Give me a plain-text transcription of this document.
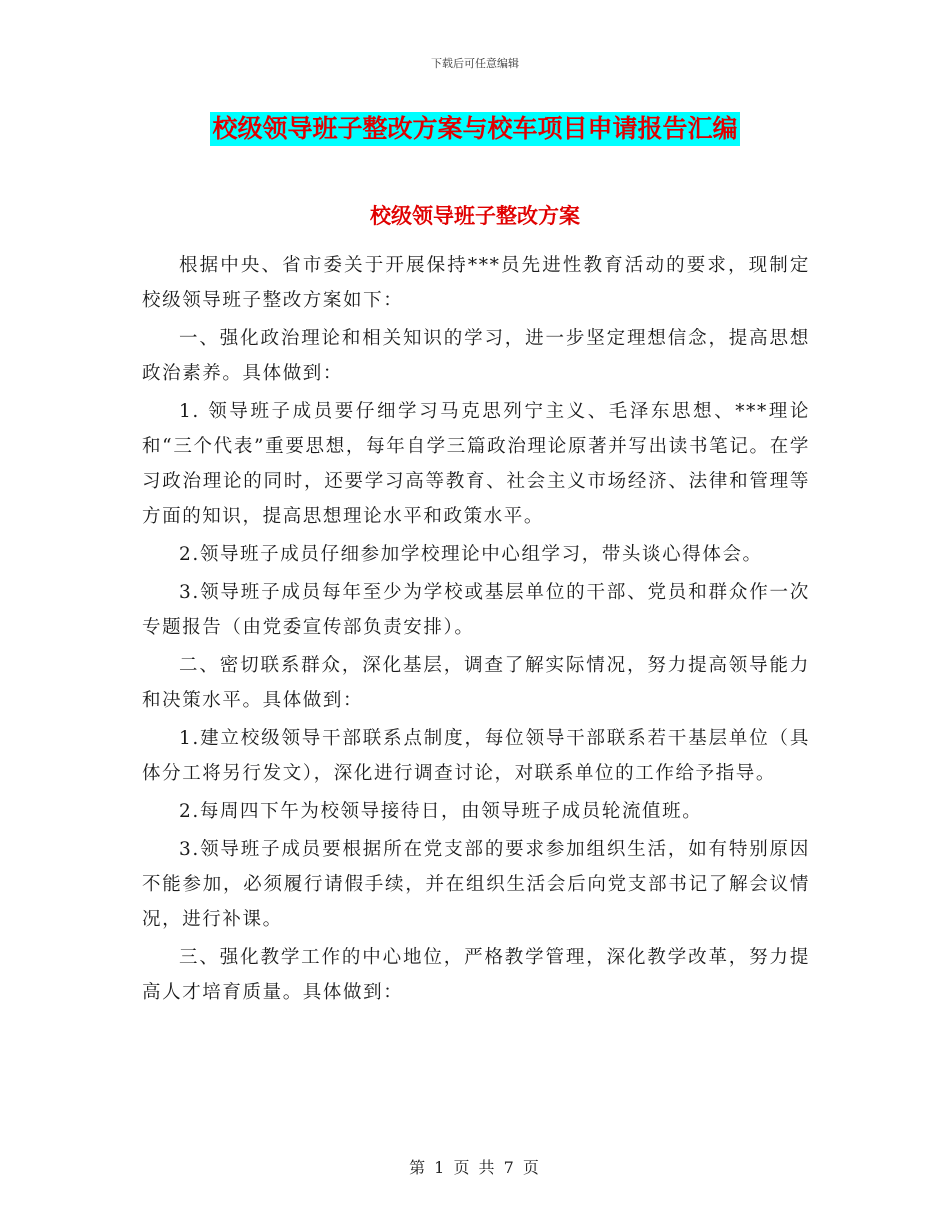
下载后可任意编辑
校级领导班子整改方案与校车项目申请报告汇编
校级领导班子整改方案

根据中央、省市委关于开展保持***员先进性教育活动的要求，现制定校级领导班子整改方案如下：

一、强化政治理论和相关知识的学习，进一步坚定理想信念，提高思想政治素养。具体做到：

1. 领导班子成员要仔细学习马克思列宁主义、毛泽东思想、***理论和“三个代表”重要思想，每年自学三篇政治理论原著并写出读书笔记。在学习政治理论的同时，还要学习高等教育、社会主义市场经济、法律和管理等方面的知识，提高思想理论水平和政策水平。

2.领导班子成员仔细参加学校理论中心组学习，带头谈心得体会。

3.领导班子成员每年至少为学校或基层单位的干部、党员和群众作一次专题报告（由党委宣传部负责安排）。

二、密切联系群众，深化基层，调查了解实际情况，努力提高领导能力和决策水平。具体做到：

1.建立校级领导干部联系点制度，每位领导干部联系若干基层单位（具体分工将另行发文），深化进行调查讨论，对联系单位的工作给予指导。

2.每周四下午为校领导接待日，由领导班子成员轮流值班。

3.领导班子成员要根据所在党支部的要求参加组织生活，如有特别原因不能参加，必须履行请假手续，并在组织生活会后向党支部书记了解会议情况，进行补课。

三、强化教学工作的中心地位，严格教学管理，深化教学改革，努力提高人才培育质量。具体做到：

第 1 页 共 7 页
